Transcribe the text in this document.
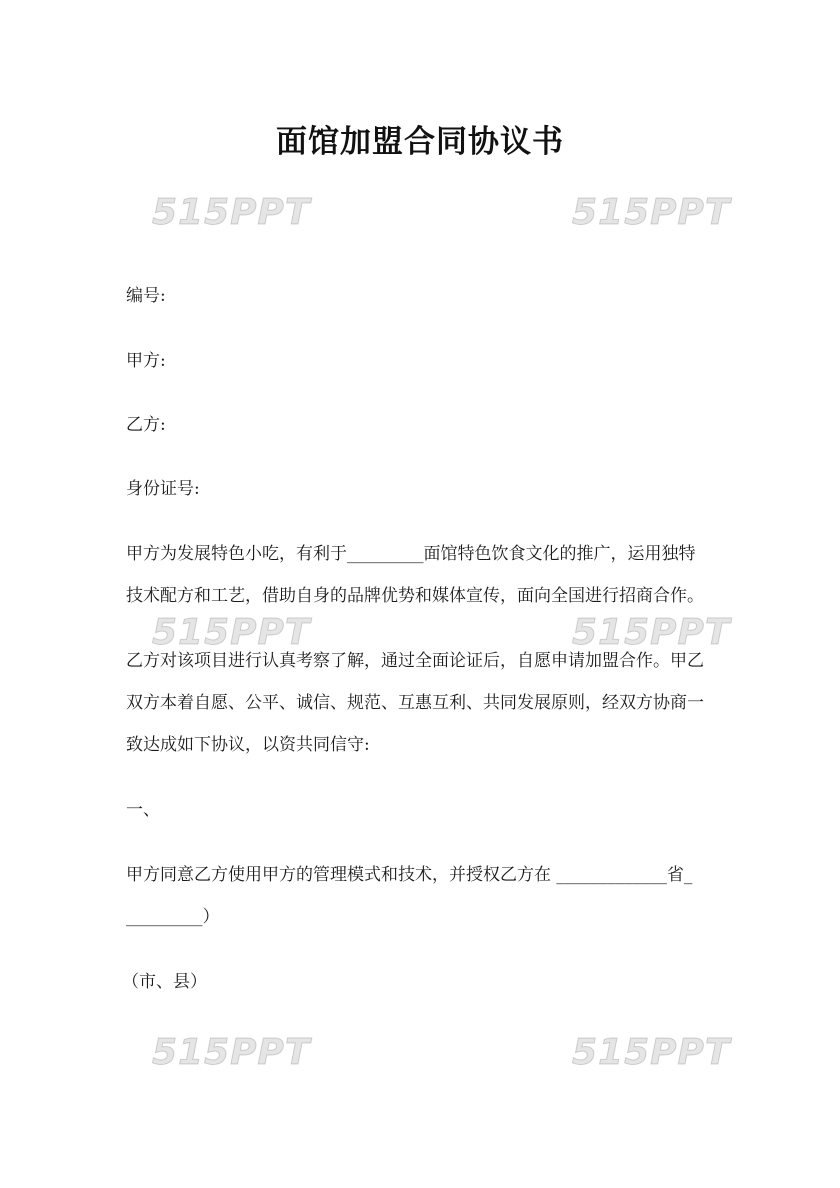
面馆加盟合同协议书
515PPT	515PPT
515PPT	515PPT
515PPT	515PPT
编号:
甲方:
乙方:
身份证号:
甲方为发展特色小吃，有利于_________面馆特色饮食文化的推广，运用独特
技术配方和工艺，借助自身的品牌优势和媒体宣传，面向全国进行招商合作。
乙方对该项目进行认真考察了解，通过全面论证后，自愿申请加盟合作。甲乙
双方本着自愿、公平、诚信、规范、互惠互利、共同发展原则，经双方协商一
致达成如下协议，以资共同信守:
一、
甲方同意乙方使用甲方的管理模式和技术，并授权乙方在 _____________省_
_________）
（市、县）
